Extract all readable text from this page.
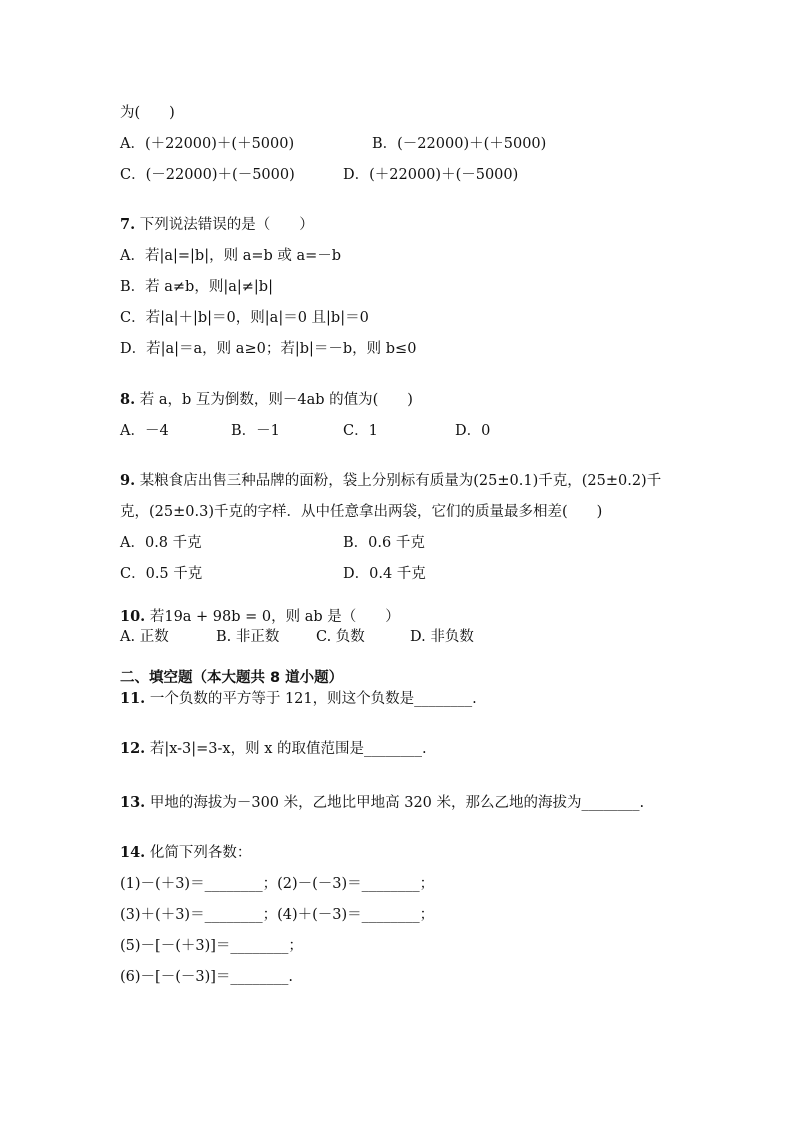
为(　　)
A．(＋22000)＋(＋5000)	B．(－22000)＋(＋5000)
C．(－22000)＋(－5000)	D．(＋22000)＋(－5000)
7. 下列说法错误的是（　　）
A．若|a|=|b|，则 a=b 或 a=－b
B．若 a≠b，则|a|≠|b|
C．若|a|＋|b|＝0，则|a|＝0 且|b|＝0
D．若|a|＝a，则 a≥0；若|b|＝－b，则 b≤0
8. 若 a，b 互为倒数，则－4ab 的值为(　　)
A．－4	B．－1	C．1	D．0
9. 某粮食店出售三种品牌的面粉，袋上分别标有质量为(25±0.1)千克，(25±0.2)千
克，(25±0.3)千克的字样．从中任意拿出两袋，它们的质量最多相差(　　)
A．0.8 千克	B．0.6 千克
C．0.5 千克	D．0.4 千克
10. 若19a + 98b = 0，则 ab 是（　　）
A. 正数	B. 非正数	C. 负数	D. 非负数
二、填空题（本大题共 8 道小题）
11. 一个负数的平方等于 121，则这个负数是________.
12. 若|x-3|=3-x，则 x 的取值范围是________.
13. 甲地的海拔为－300 米，乙地比甲地高 320 米，那么乙地的海拔为________.
14. 化简下列各数：
(1)－(＋3)＝________；(2)－(－3)＝________；
(3)＋(＋3)＝________；(4)＋(－3)＝________；
(5)－[－(＋3)]＝________；
(6)－[－(－3)]＝________.
